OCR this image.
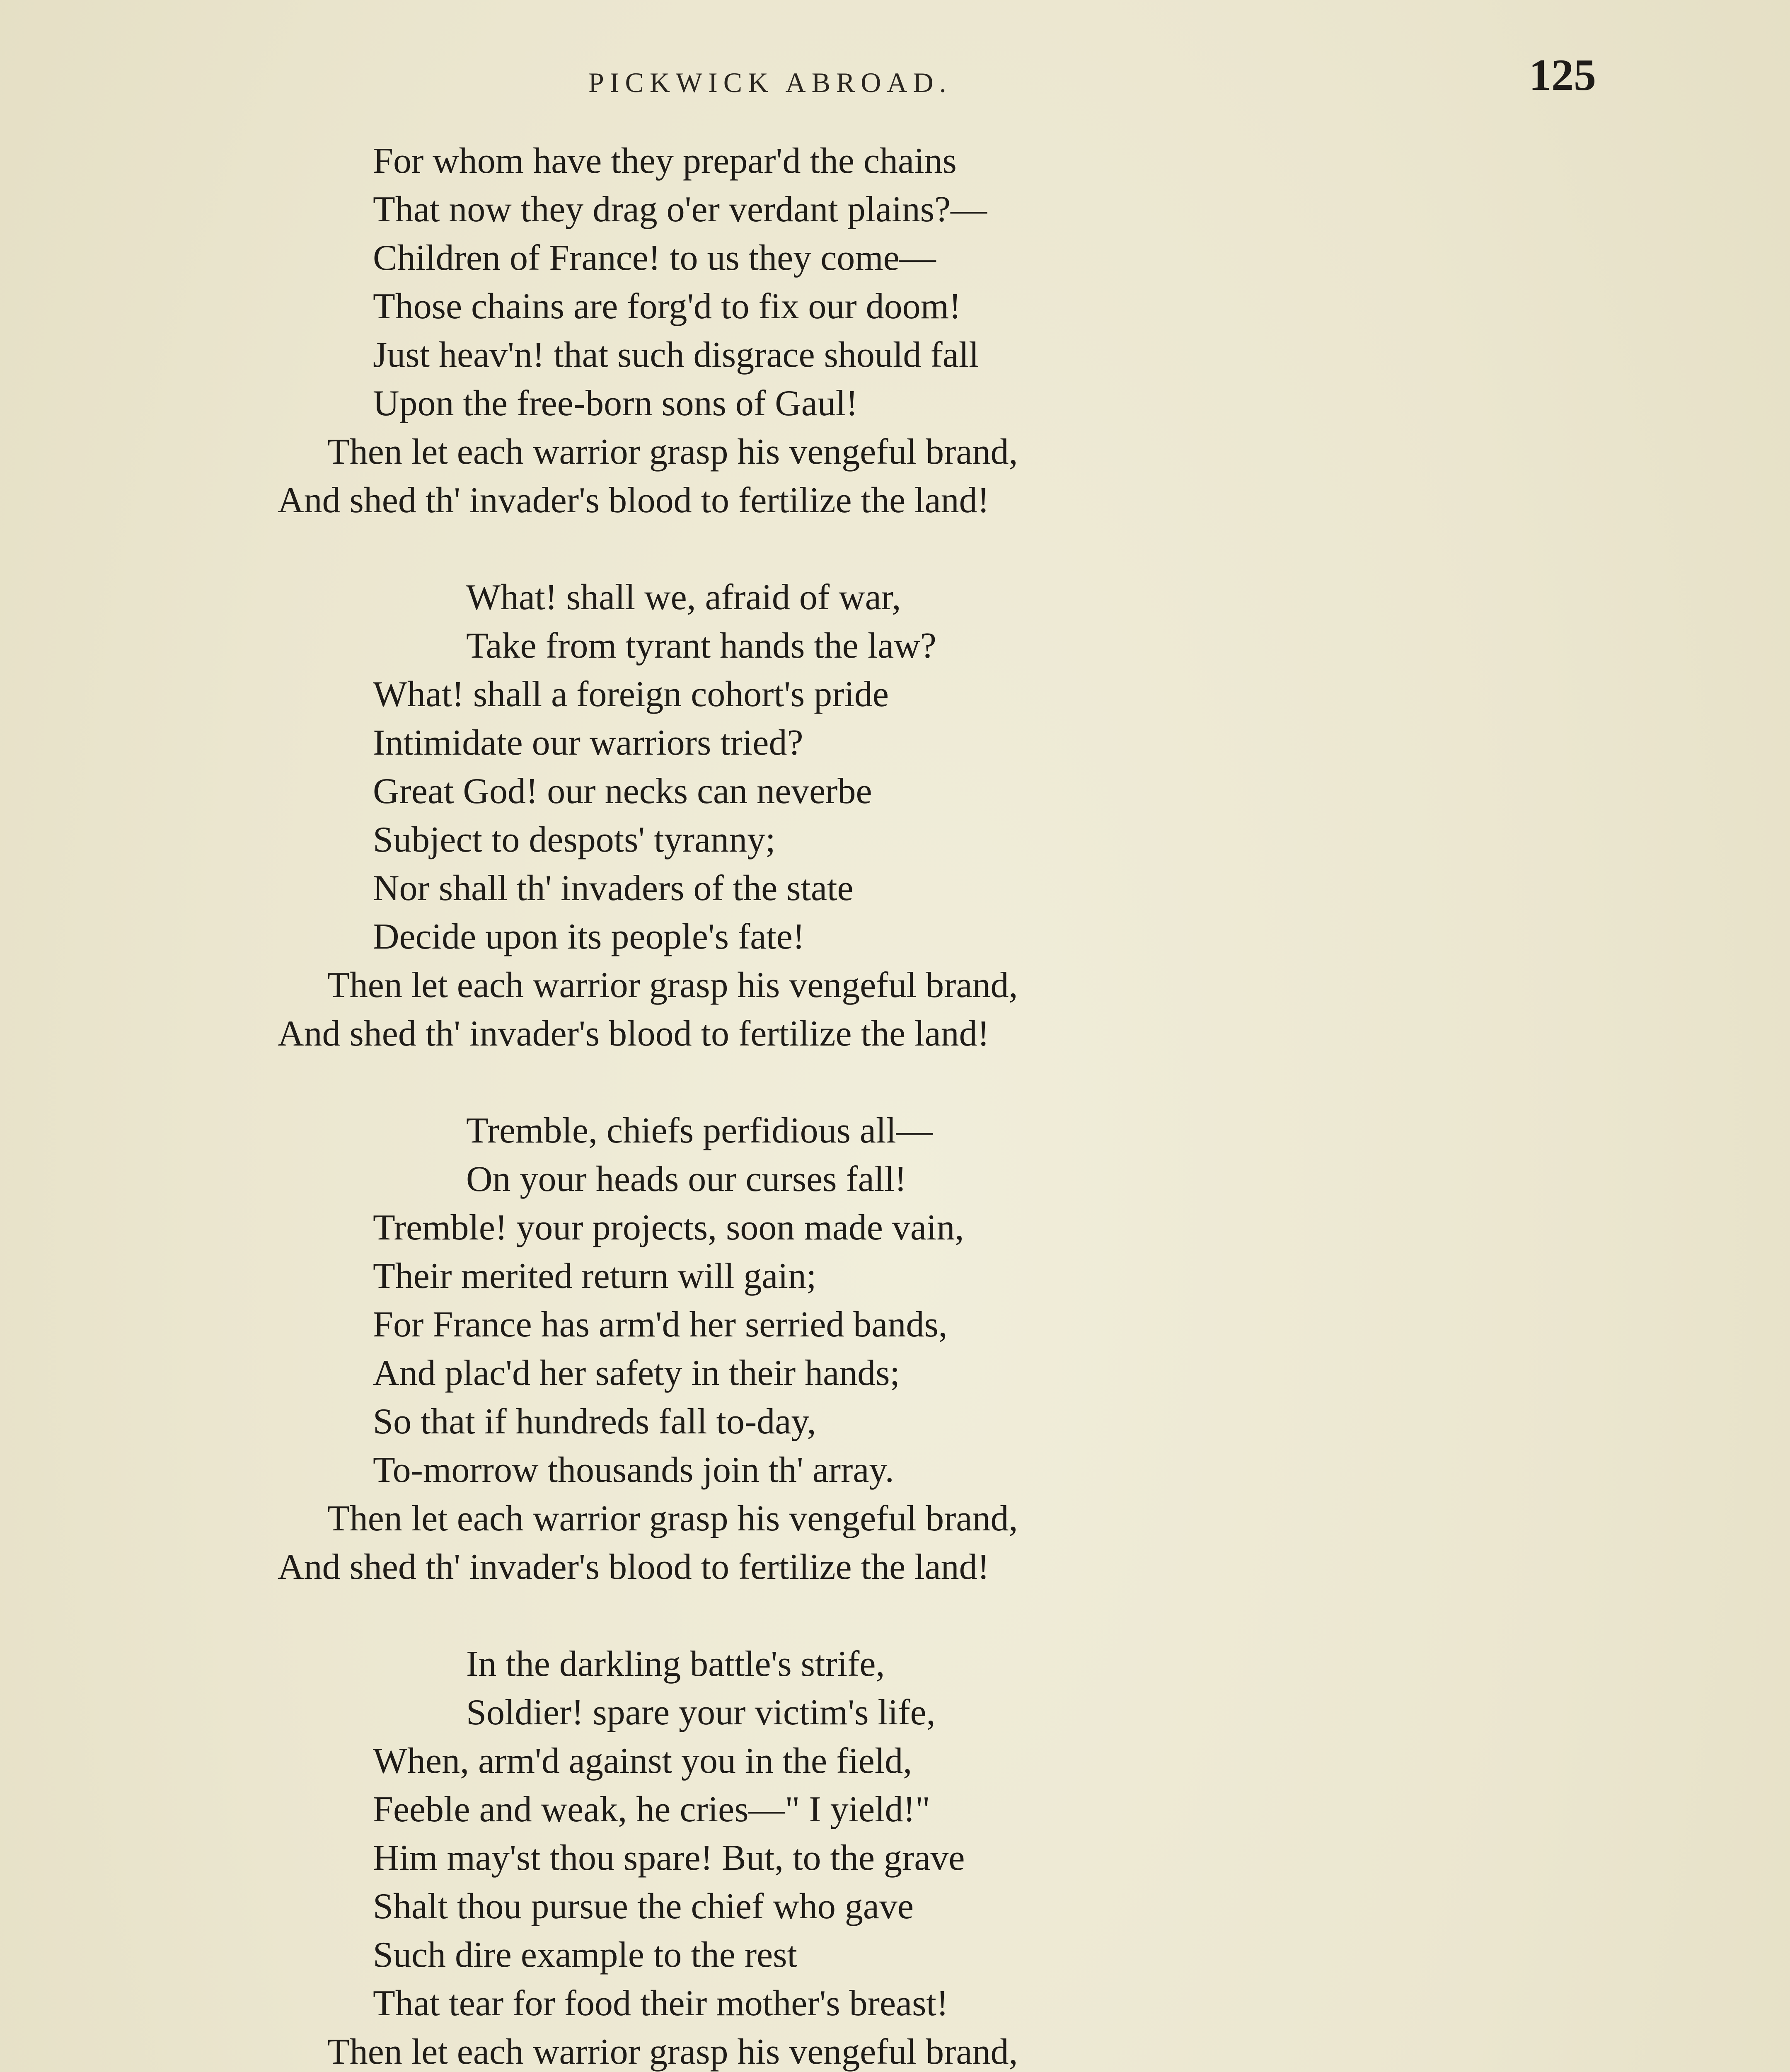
PICKWICK ABROAD.	125
For whom have they prepar'd the chains
That now they drag o'er verdant plains?—
Children of France! to us they come—
Those chains are forg'd to fix our doom!
Just heav'n! that such disgrace should fall
Upon the free-born sons of Gaul!
Then let each warrior grasp his vengeful brand,
And shed th' invader's blood to fertilize the land!
What! shall we, afraid of war,
Take from tyrant hands the law?
What! shall a foreign cohort's pride
Intimidate our warriors tried?
Great God! our necks can neverbe
Subject to despots' tyranny;
Nor shall th' invaders of the state
Decide upon its people's fate!
Then let each warrior grasp his vengeful brand,
And shed th' invader's blood to fertilize the land!
Tremble, chiefs perfidious all—
On your heads our curses fall!
Tremble! your projects, soon made vain,
Their merited return will gain;
For France has arm'd her serried bands,
And plac'd her safety in their hands;
So that if hundreds fall to-day,
To-morrow thousands join th' array.
Then let each warrior grasp his vengeful brand,
And shed th' invader's blood to fertilize the land!
In the darkling battle's strife,
Soldier! spare your victim's life,
When, arm'd against you in the field,
Feeble and weak, he cries—" I yield!"
Him may'st thou spare! But, to the grave
Shalt thou pursue the chief who gave
Such dire example to the rest
That tear for food their mother's breast!
Then let each warrior grasp his vengeful brand,
